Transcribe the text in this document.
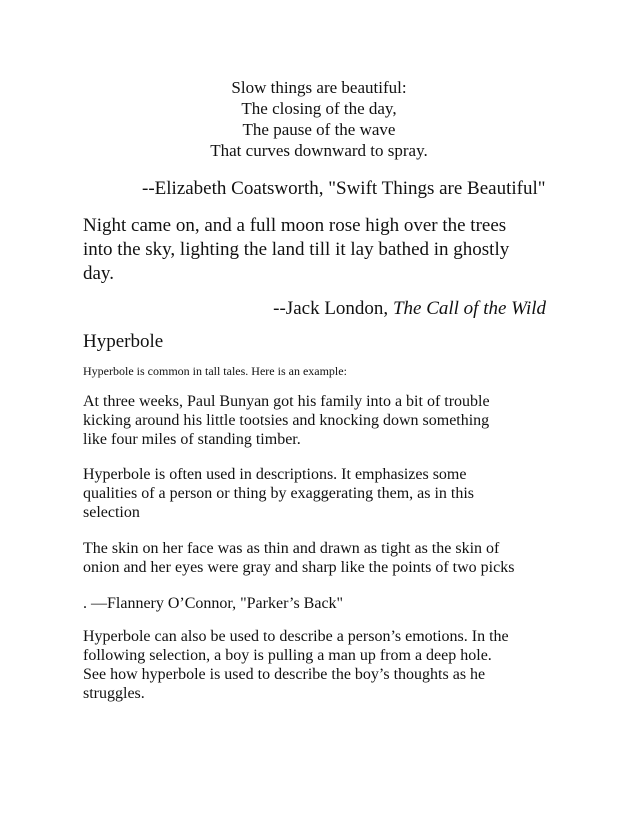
Slow things are beautiful:
The closing of the day,
The pause of the wave
That curves downward to spray.
--Elizabeth Coatsworth, "Swift Things are Beautiful"
Night came on, and a full moon rose high over the trees
into the sky, lighting the land till it lay bathed in ghostly
day.
--Jack London, The Call of the Wild
Hyperbole
Hyperbole is common in tall tales. Here is an example:
At three weeks, Paul Bunyan got his family into a bit of trouble
kicking around his little tootsies and knocking down something
like four miles of standing timber.
Hyperbole is often used in descriptions. It emphasizes some
qualities of a person or thing by exaggerating them, as in this
selection
The skin on her face was as thin and drawn as tight as the skin of
onion and her eyes were gray and sharp like the points of two picks
. —Flannery O’Connor, "Parker’s Back"
Hyperbole can also be used to describe a person’s emotions. In the
following selection, a boy is pulling a man up from a deep hole.
See how hyperbole is used to describe the boy’s thoughts as he
struggles.
